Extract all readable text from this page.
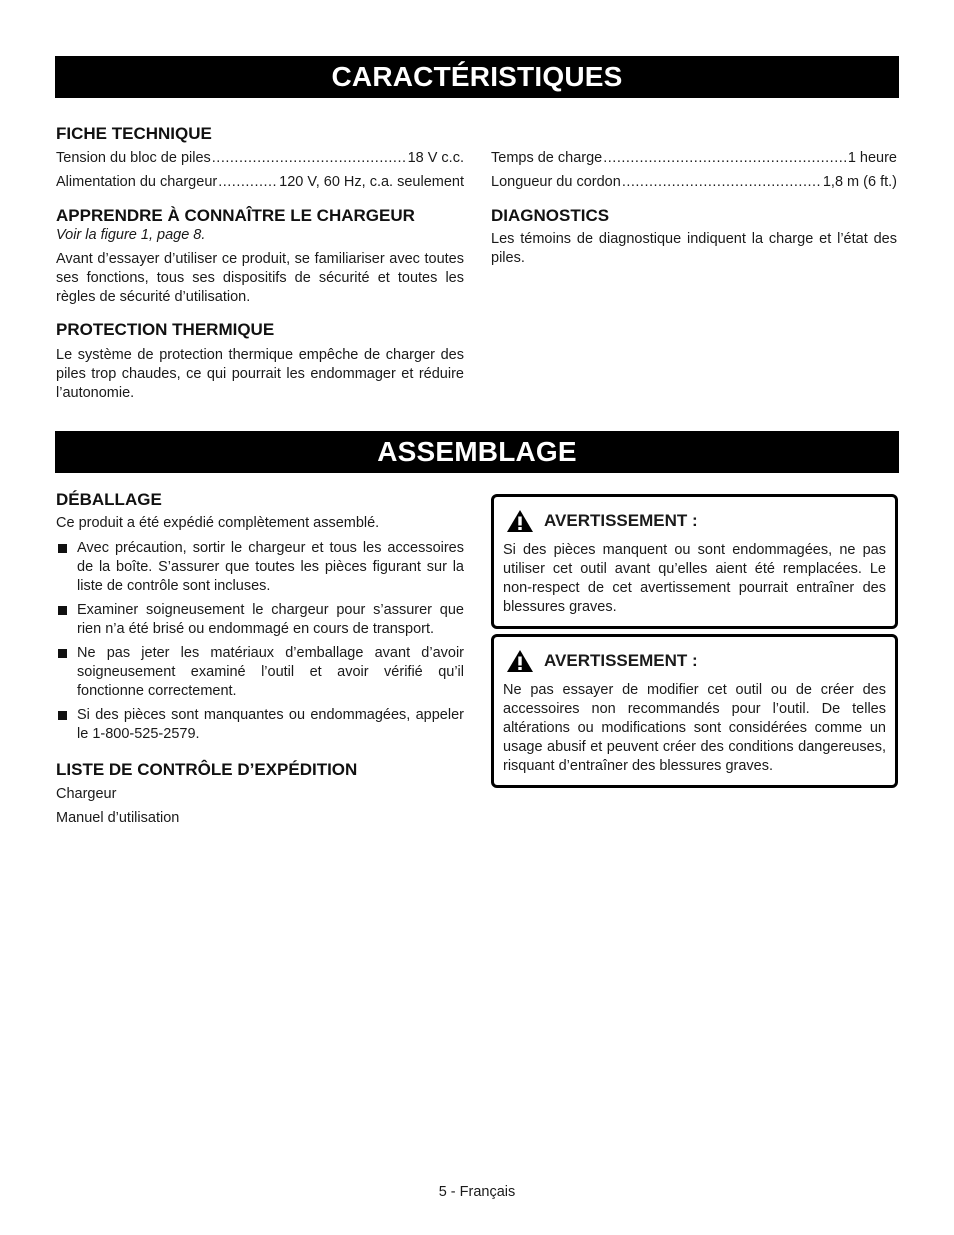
CARACTÉRISTIQUES
ASSEMBLAGE
FICHE TECHNIQUE
Tension du bloc de piles .....	18 V c.c.
Alimentation du chargeur .....	120 V, 60 Hz, c.a. seulement
APPRENDRE À CONNAÎTRE LE CHARGEUR
Voir la figure 1, page 8.
Avant d’essayer d’utiliser ce produit, se familiariser avec toutes ses fonctions, tous ses dispositifs de sécurité et toutes les règles de sécurité d’utilisation.
PROTECTION THERMIQUE
Le système de protection thermique empêche de charger des piles trop chaudes, ce qui pourrait les endommager et réduire l’autonomie.
Temps de charge .....	1 heure
Longueur du cordon .....	1,8 m (6 ft.)
DIAGNOSTICS
Les témoins de diagnostique indiquent la charge et l’état des piles.
DÉBALLAGE
Ce produit a été expédié complètement assemblé.
Avec précaution, sortir le chargeur et tous les accessoires de la boîte. S’assurer que toutes les pièces figurant sur la liste de contrôle sont incluses.
Examiner soigneusement le chargeur pour s’assurer que rien n’a été brisé ou endommagé en cours de transport.
Ne pas jeter les matériaux d’emballage avant d’avoir soigneusement examiné l’outil et avoir vérifié qu’il fonctionne correctement.
Si des pièces sont manquantes ou endommagées, appeler le 1-800-525-2579.
LISTE DE CONTRÔLE D’EXPÉDITION
Chargeur
Manuel d’utilisation
AVERTISSEMENT :
Si des pièces manquent ou sont endommagées, ne pas utiliser cet outil avant qu’elles aient été remplacées. Le non-respect de cet avertissement pourrait entraîner des blessures graves.
AVERTISSEMENT :
Ne pas essayer de modifier cet outil ou de créer des accessoires non recommandés pour l’outil. De telles altérations ou modifications sont considérées comme un usage abusif et peuvent créer des conditions dangereuses, risquant d’entraîner des blessures graves.
5 - Français
